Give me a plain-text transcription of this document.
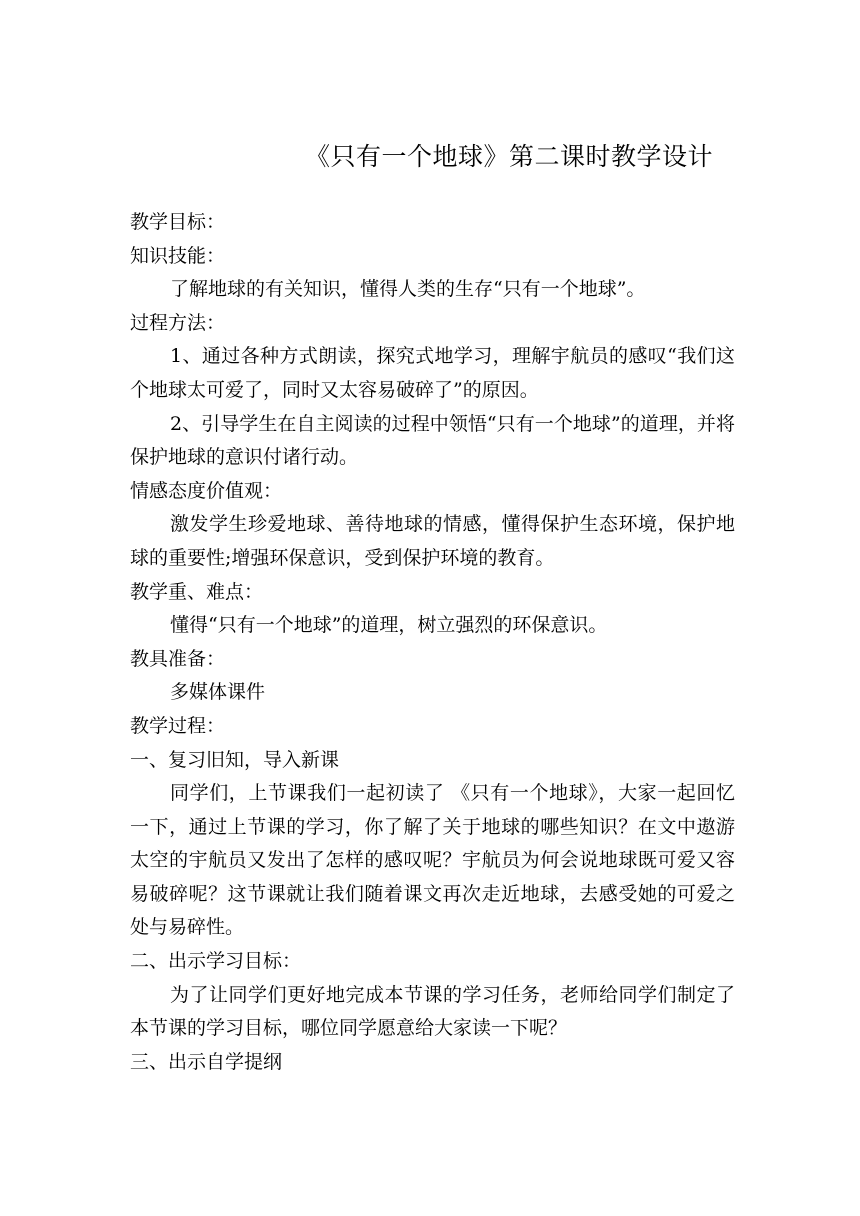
《只有一个地球》第二课时教学设计

教学目标：

知识技能：

了解地球的有关知识，懂得人类的生存“只有一个地球”。

过程方法：

1、通过各种方式朗读，探究式地学习，理解宇航员的感叹“我们这个地球太可爱了，同时又太容易破碎了”的原因。

2、引导学生在自主阅读的过程中领悟“只有一个地球”的道理，并将保护地球的意识付诸行动。

情感态度价值观：

激发学生珍爱地球、善待地球的情感，懂得保护生态环境，保护地球的重要性;增强环保意识，受到保护环境的教育。

教学重、难点：

懂得“只有一个地球”的道理，树立强烈的环保意识。

教具准备：

多媒体课件

教学过程：

一、复习旧知，导入新课

同学们，上节课我们一起初读了 《只有一个地球》，大家一起回忆一下，通过上节课的学习，你了解了关于地球的哪些知识？在文中遨游太空的宇航员又发出了怎样的感叹呢？宇航员为何会说地球既可爱又容易破碎呢？这节课就让我们随着课文再次走近地球，去感受她的可爱之处与易碎性。

二、出示学习目标：

为了让同学们更好地完成本节课的学习任务，老师给同学们制定了本节课的学习目标，哪位同学愿意给大家读一下呢？

三、出示自学提纲
